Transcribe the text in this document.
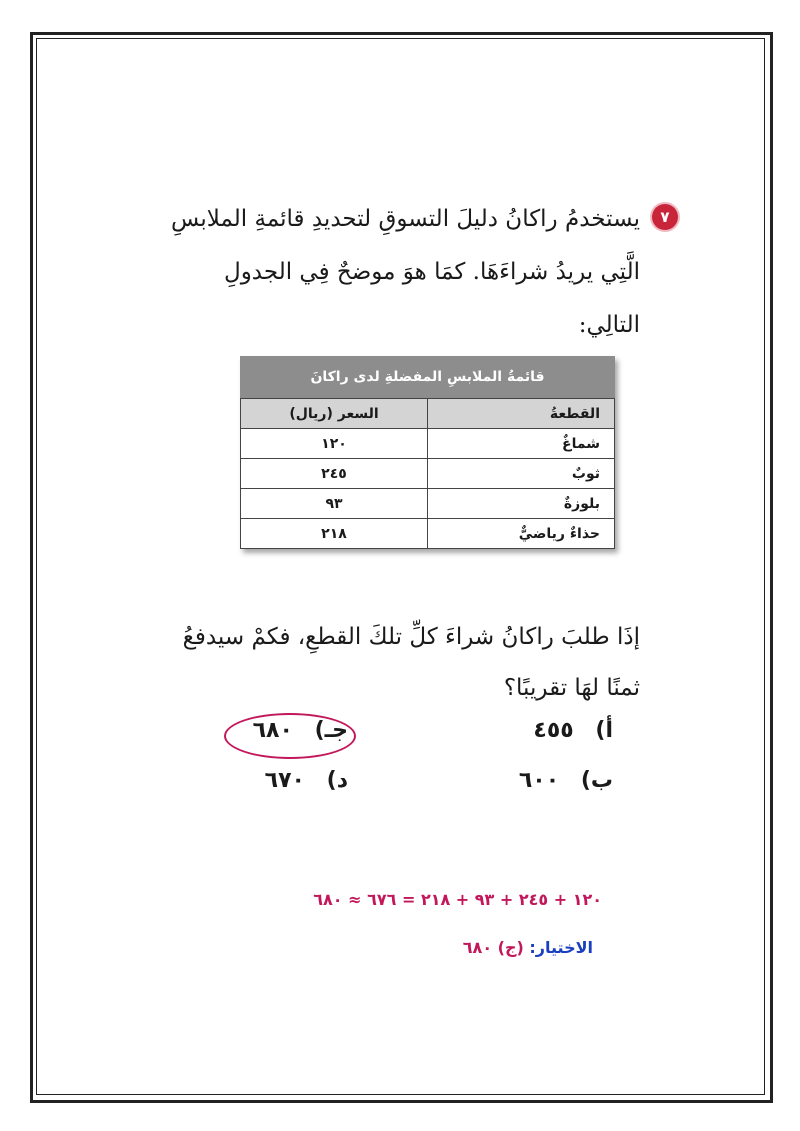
٧
يستخدمُ راكانُ دليلَ التسوقِ لتحديدِ قائمةِ الملابسِ الَّتِي يريدُ شراءَهَا. كمَا هوَ موضحٌ فِي الجدولِ التالِي:
قائمةُ الملابسِ المفضلةِ لدى راكانَ
القطعةُ	السعر (ريال)
شماغٌ	١٢٠
ثوبٌ	٢٤٥
بلوزةٌ	٩٣
حذاءٌ رياضيٌّ	٢١٨
إذَا طلبَ راكانُ شراءَ كلِّ تلكَ القطعِ، فكمْ سيدفعُ ثمنًا لهَا تقريبًا؟
أ) ٤٥٥
جـ) ٦٨٠
ب) ٦٠٠
د) ٦٧٠
١٢٠ + ٢٤٥ + ٩٣ + ٢١٨ = ٦٧٦ ≈ ٦٨٠
الاختيار: (ج) ٦٨٠
